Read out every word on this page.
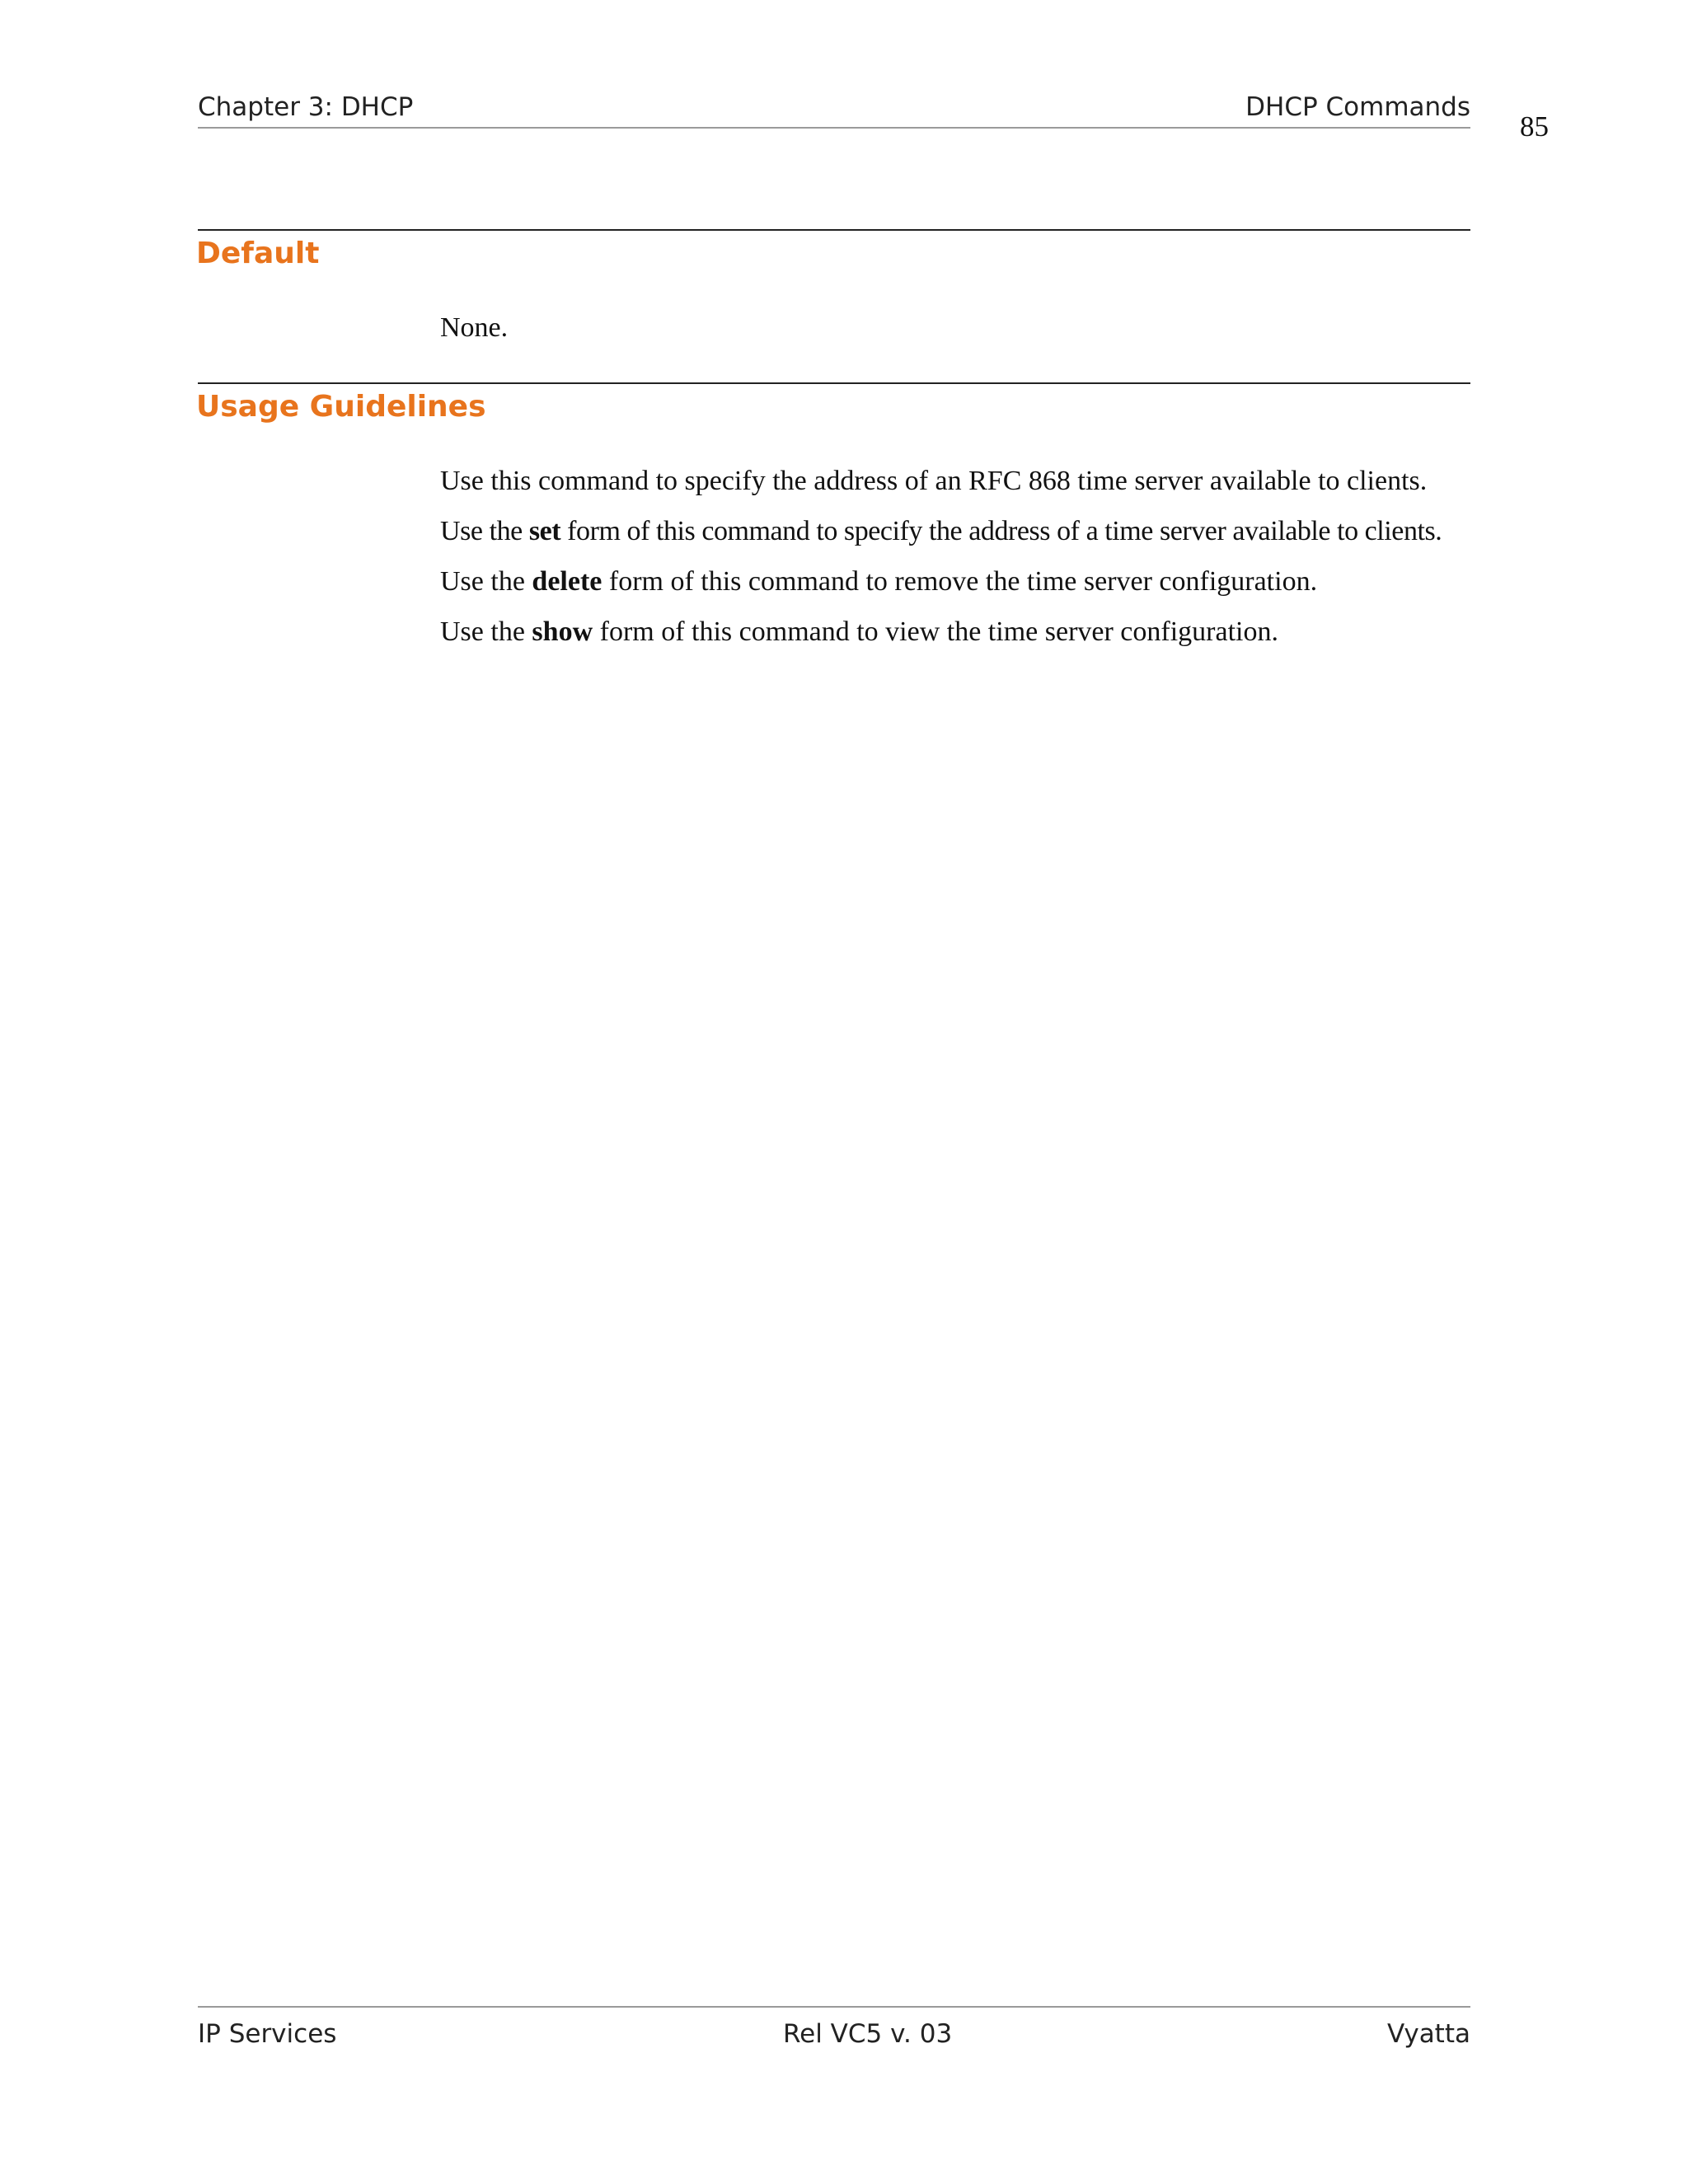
Chapter 3: DHCP	DHCP Commands
85
Default
None.
Usage Guidelines
Use this command to specify the address of an RFC 868 time server available to clients.
Use the set form of this command to specify the address of a time server available to clients.
Use the delete form of this command to remove the time server configuration.
Use the show form of this command to view the time server configuration.
IP Services	Rel VC5 v. 03	Vyatta
